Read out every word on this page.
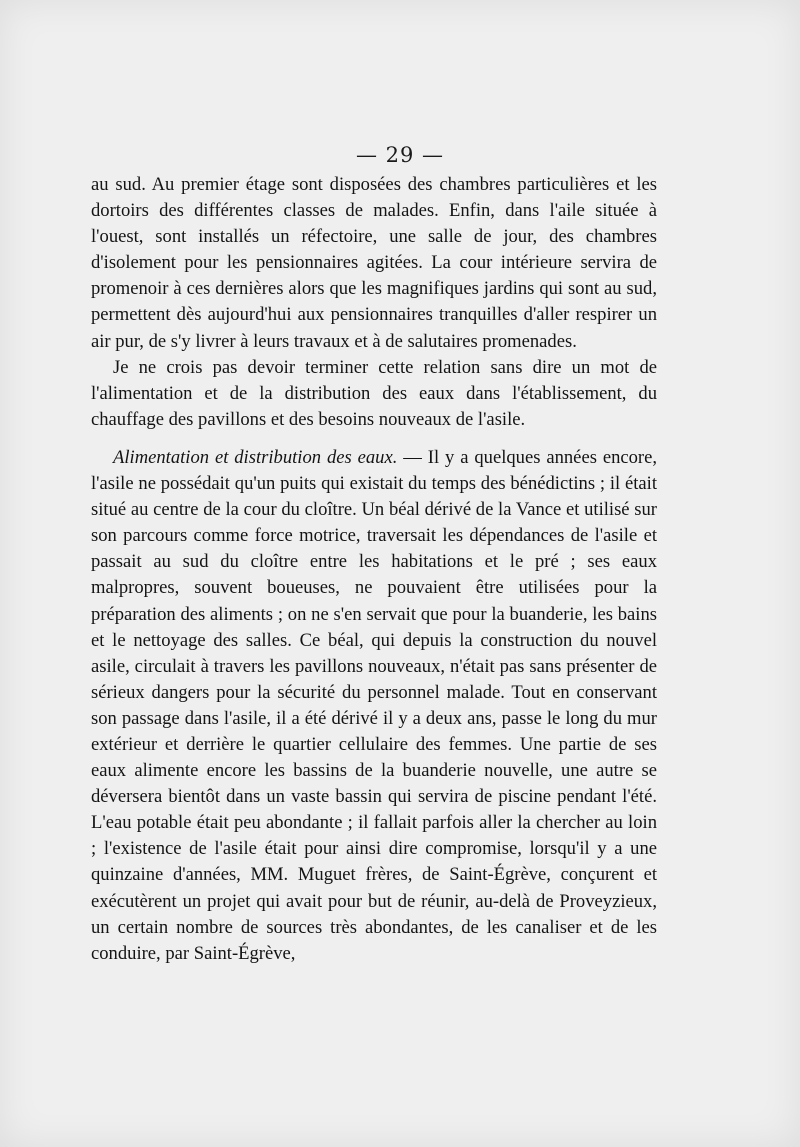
— 29 —

au sud. Au premier étage sont disposées des chambres particulières et les dortoirs des différentes classes de malades. Enfin, dans l'aile située à l'ouest, sont installés un réfectoire, une salle de jour, des chambres d'isolement pour les pensionnaires agitées. La cour intérieure servira de promenoir à ces dernières alors que les magnifiques jardins qui sont au sud, permettent dès aujourd'hui aux pensionnaires tranquilles d'aller respirer un air pur, de s'y livrer à leurs travaux et à de salutaires promenades.

Je ne crois pas devoir terminer cette relation sans dire un mot de l'alimentation et de la distribution des eaux dans l'établissement, du chauffage des pavillons et des besoins nouveaux de l'asile.

Alimentation et distribution des eaux. — Il y a quelques années encore, l'asile ne possédait qu'un puits qui existait du temps des bénédictins ; il était situé au centre de la cour du cloître. Un béal dérivé de la Vance et utilisé sur son parcours comme force motrice, traversait les dépendances de l'asile et passait au sud du cloître entre les habitations et le pré ; ses eaux malpropres, souvent boueuses, ne pouvaient être utilisées pour la préparation des aliments ; on ne s'en servait que pour la buanderie, les bains et le nettoyage des salles. Ce béal, qui depuis la construction du nouvel asile, circulait à travers les pavillons nouveaux, n'était pas sans présenter de sérieux dangers pour la sécurité du personnel malade. Tout en conservant son passage dans l'asile, il a été dérivé il y a deux ans, passe le long du mur extérieur et derrière le quartier cellulaire des femmes. Une partie de ses eaux alimente encore les bassins de la buanderie nouvelle, une autre se déversera bientôt dans un vaste bassin qui servira de piscine pendant l'été. L'eau potable était peu abondante ; il fallait parfois aller la chercher au loin ; l'existence de l'asile était pour ainsi dire compromise, lorsqu'il y a une quinzaine d'années, MM. Muguet frères, de Saint-Égrève, conçurent et exécutèrent un projet qui avait pour but de réunir, au-delà de Proveyzieux, un certain nombre de sources très abondantes, de les canaliser et de les conduire, par Saint-Égrève,
